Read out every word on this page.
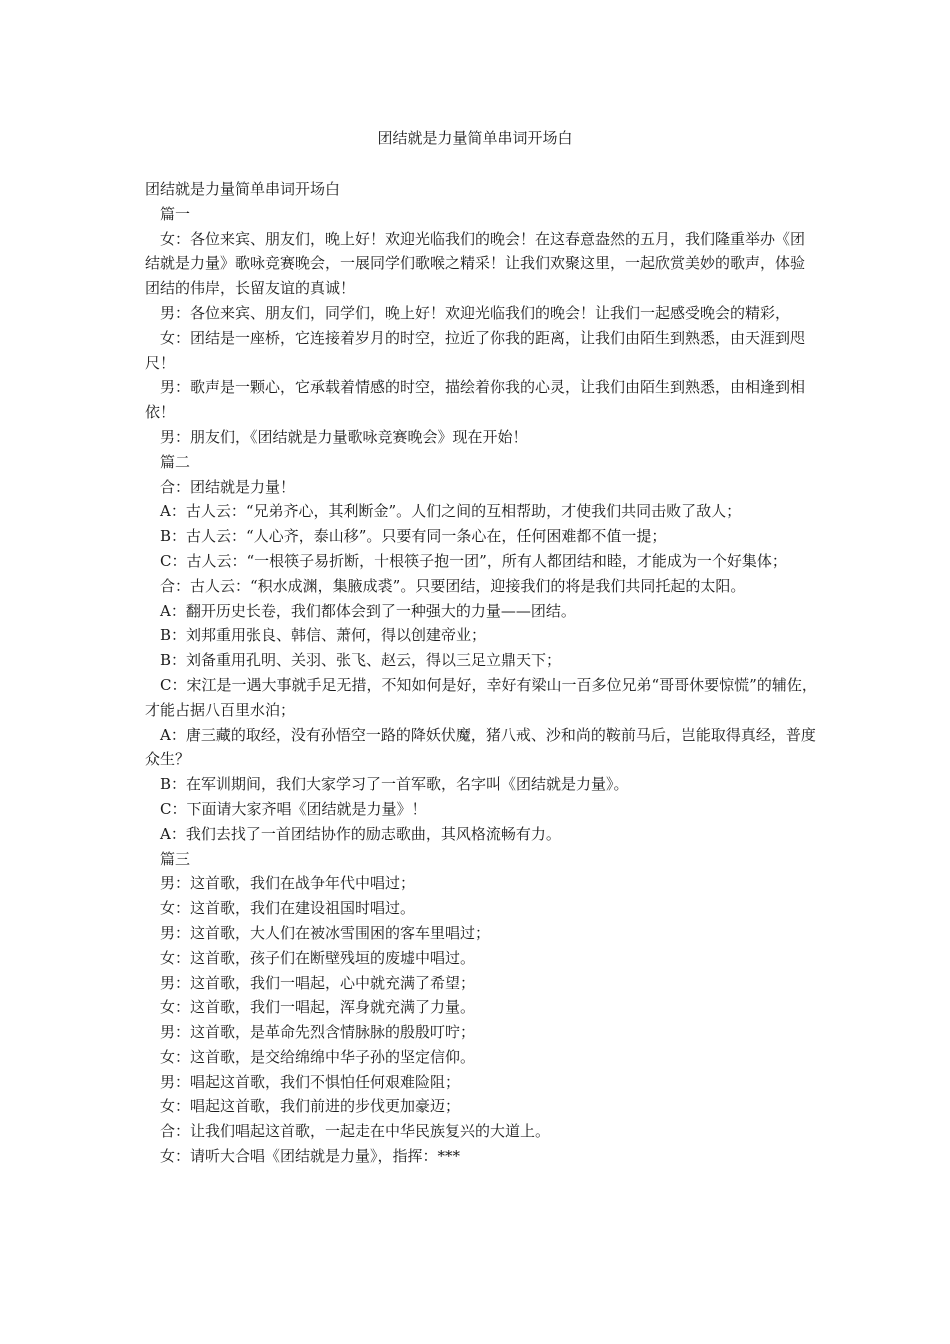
团结就是力量简单串词开场白

团结就是力量简单串词开场白

篇一

女：各位来宾、朋友们，晚上好！欢迎光临我们的晚会！在这春意盎然的五月，我们隆重举办《团结就是力量》歌咏竞赛晚会，一展同学们歌喉之精采！让我们欢聚这里，一起欣赏美妙的歌声，体验团结的伟岸，长留友谊的真诚！

男：各位来宾、朋友们，同学们，晚上好！欢迎光临我们的晚会！让我们一起感受晚会的精彩，

女：团结是一座桥，它连接着岁月的时空，拉近了你我的距离，让我们由陌生到熟悉，由天涯到咫尺！

男：歌声是一颗心，它承载着情感的时空，描绘着你我的心灵，让我们由陌生到熟悉，由相逢到相依！

男：朋友们，《团结就是力量歌咏竞赛晚会》现在开始！

篇二

合：团结就是力量！

A：古人云：“兄弟齐心，其利断金”。人们之间的互相帮助，才使我们共同击败了敌人；

B：古人云：“人心齐，泰山移”。只要有同一条心在，任何困难都不值一提；

C：古人云：“一根筷子易折断，十根筷子抱一团”，所有人都团结和睦，才能成为一个好集体；

合：古人云：“积水成渊，集腋成裘”。只要团结，迎接我们的将是我们共同托起的太阳。

A：翻开历史长卷，我们都体会到了一种强大的力量——团结。

B：刘邦重用张良、韩信、萧何，得以创建帝业；

B：刘备重用孔明、关羽、张飞、赵云，得以三足立鼎天下；

C：宋江是一遇大事就手足无措，不知如何是好，幸好有梁山一百多位兄弟“哥哥休要惊慌”的辅佐，才能占据八百里水泊；

A：唐三藏的取经，没有孙悟空一路的降妖伏魔，猪八戒、沙和尚的鞍前马后，岂能取得真经，普度众生？

B：在军训期间，我们大家学习了一首军歌，名字叫《团结就是力量》。

C：下面请大家齐唱《团结就是力量》！

A：我们去找了一首团结协作的励志歌曲，其风格流畅有力。

篇三

男：这首歌，我们在战争年代中唱过；

女：这首歌，我们在建设祖国时唱过。

男：这首歌，大人们在被冰雪围困的客车里唱过；

女：这首歌，孩子们在断壁残垣的废墟中唱过。

男：这首歌，我们一唱起，心中就充满了希望；

女：这首歌，我们一唱起，浑身就充满了力量。

男：这首歌，是革命先烈含情脉脉的殷殷叮咛；

女：这首歌，是交给绵绵中华子孙的坚定信仰。

男：唱起这首歌，我们不惧怕任何艰难险阻；

女：唱起这首歌，我们前进的步伐更加豪迈；

合：让我们唱起这首歌，一起走在中华民族复兴的大道上。

女：请听大合唱《团结就是力量》，指挥：***
